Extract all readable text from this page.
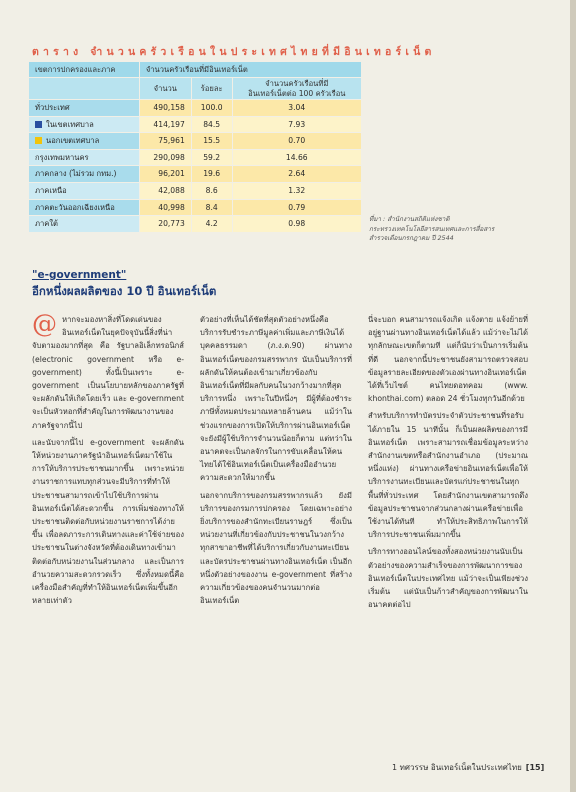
ตาราง จำนวนครัวเรือนในประเทศไทยที่มีอินเทอร์เน็ต
เขตการปกครองและภาค	จำนวนครัวเรือนที่มีอินเทอร์เน็ต		
	จำนวน	ร้อยละ	จำนวนครัวเรือนที่มี
อินเทอร์เน็ตต่อ 100 ครัวเรือน
ทั่วประเทศ	490,158	100.0	3.04
ในเขตเทศบาล	414,197	84.5	7.93
นอกเขตเทศบาล	75,961	15.5	0.70
กรุงเทพมหานคร	290,098	59.2	14.66
ภาคกลาง (ไม่รวม กทม.)	96,201	19.6	2.64
ภาคเหนือ	42,088	8.6	1.32
ภาคตะวันออกเฉียงเหนือ	40,998	8.4	0.79
ภาคใต้	20,773	4.2	0.98
ที่มา : สำนักงานสถิติแห่งชาติ
กระทรวงเทคโนโลยีสารสนเทศและการสื่อสาร
สำรวจเดือนกรกฎาคม ปี 2544
"e-government"
อีกหนึ่งผลผลิตของ 10 ปี อินเทอร์เน็ต

@ หากจะมองหาสิ่งที่โดดเด่นของอินเทอร์เน็ตในยุคปัจจุบันนี้สิ่งที่น่าจับตามองมากที่สุด คือ รัฐบาลอิเล็กทรอนิกส์ (electronic government หรือ e-government) ทั้งนี้เป็นเพราะ e-government เป็นนโยบายหลักของภาครัฐที่จะผลักดันให้เกิดโดยเร็ว และ e-government จะเป็นหัวหอกที่สำคัญในการพัฒนางานของภาครัฐจากนี้ไป

และนับจากนี้ไป e-government จะผลักดันให้หน่วยงานภาครัฐนำอินเทอร์เน็ตมาใช้ในการให้บริการประชาชนมากขึ้น เพราะหน่วยงานราชการแทบทุกส่วนจะมีบริการที่ทำให้ประชาชนสามารถเข้าไปใช้บริการผ่านอินเทอร์เน็ตได้สะดวกขึ้น การเพิ่มช่องทางให้ประชาชนติดต่อกับหน่วยงานราชการได้ง่ายขึ้น เพื่อลดภาระการเดินทางและค่าใช้จ่ายของประชาชนในต่างจังหวัดที่ต้องเดินทางเข้ามาติดต่อกับหน่วยงานในส่วนกลาง และเป็นการอำนวยความสะดวกรวดเร็ว ซึ่งทั้งหมดนี้คือเครื่องมือสำคัญที่ทำให้อินเทอร์เน็ตเพิ่มขึ้นอีกหลายเท่าตัว

ตัวอย่างที่เห็นได้ชัดที่สุดตัวอย่างหนึ่งคือ บริการรับชำระภาษีมูลค่าเพิ่มและภาษีเงินได้บุคคลธรรมดา (ภ.ง.ด.90) ผ่านทางอินเทอร์เน็ตของกรมสรรพากร นับเป็นบริการที่ผลักดันให้คนต้องเข้ามาเกี่ยวข้องกับอินเทอร์เน็ตที่มีผลกับคนในวงกว้างมากที่สุดบริการหนึ่ง เพราะในปีหนึ่งๆ มีผู้ที่ต้องชำระภาษีทั้งหมดประมาณหลายล้านคน แม้ว่าในช่วงแรกของการเปิดให้บริการผ่านอินเทอร์เน็ตจะยังมีผู้ใช้บริการจำนวนน้อยก็ตาม แต่ทว่าในอนาคตจะเป็นกลจักรในการขับเคลื่อนให้คนไทยได้ใช้อินเทอร์เน็ตเป็นเครื่องมืออำนวยความสะดวกให้มากขึ้น

นอกจากบริการของกรมสรรพากรแล้ว ยังมีบริการของกรมการปกครอง โดยเฉพาะอย่างยิ่งบริการของสำนักทะเบียนราษฎร์ ซึ่งเป็นหน่วยงานที่เกี่ยวข้องกับประชาชนในวงกว้าง ทุกสาขาอาชีพที่ได้บริการเกี่ยวกับงานทะเบียนและบัตรประชาชนผ่านทางอินเทอร์เน็ต เป็นอีกหนึ่งตัวอย่างของงาน e-government ที่สร้างความเกี่ยวข้องของคนจำนวนมากต่ออินเทอร์เน็ต

นี่จะบอก คนสามารถแจ้งเกิด แจ้งตาย แจ้งย้ายที่อยู่ฐานผ่านทางอินเทอร์เน็ตได้แล้ว แม้ว่าจะไม่ได้ทุกลักษณะเขตก็ตามที แต่ก็นับว่าเป็นการเริ่มต้นที่ดี นอกจากนี้ประชาชนยังสามารถตรวจสอบข้อมูลรายละเอียดของตัวเองผ่านทางอินเทอร์เน็ตได้ที่เว็บไซต์ คนไทยดอทคอม (www. khonthai.com) ตลอด 24 ชั่วโมงทุกวันอีกด้วย

สำหรับบริการทำบัตรประจำตัวประชาชนที่รอรับได้ภายใน 15 นาทีนั้น ก็เป็นผลผลิตของการมีอินเทอร์เน็ต เพราะสามารถเชื่อมข้อมูลระหว่างสำนักงานเขตหรือสำนักงานอำเภอ (ประมาณหนึ่งแห่ง) ผ่านทางเครือข่ายอินเทอร์เน็ตเพื่อให้บริการงานทะเบียนและบัตรแก่ประชาชนในทุกพื้นที่ทั่วประเทศ โดยสำนักงานเขตสามารถดึงข้อมูลประชาชนจากส่วนกลางผ่านเครือข่ายเพื่อใช้งานได้ทันที ทำให้ประสิทธิภาพในการให้บริการประชาชนเพิ่มมากขึ้น

บริการทางออนไลน์ของทั้งสองหน่วยงานนับเป็นตัวอย่างของความสำเร็จของการพัฒนาการของอินเทอร์เน็ตในประเทศไทย แม้ว่าจะเป็นเพียงช่วงเริ่มต้น แต่นับเป็นก้าวสำคัญของการพัฒนาในอนาคตต่อไป

1 ทศวรรษ อินเทอร์เน็ตในประเทศไทย [15]
